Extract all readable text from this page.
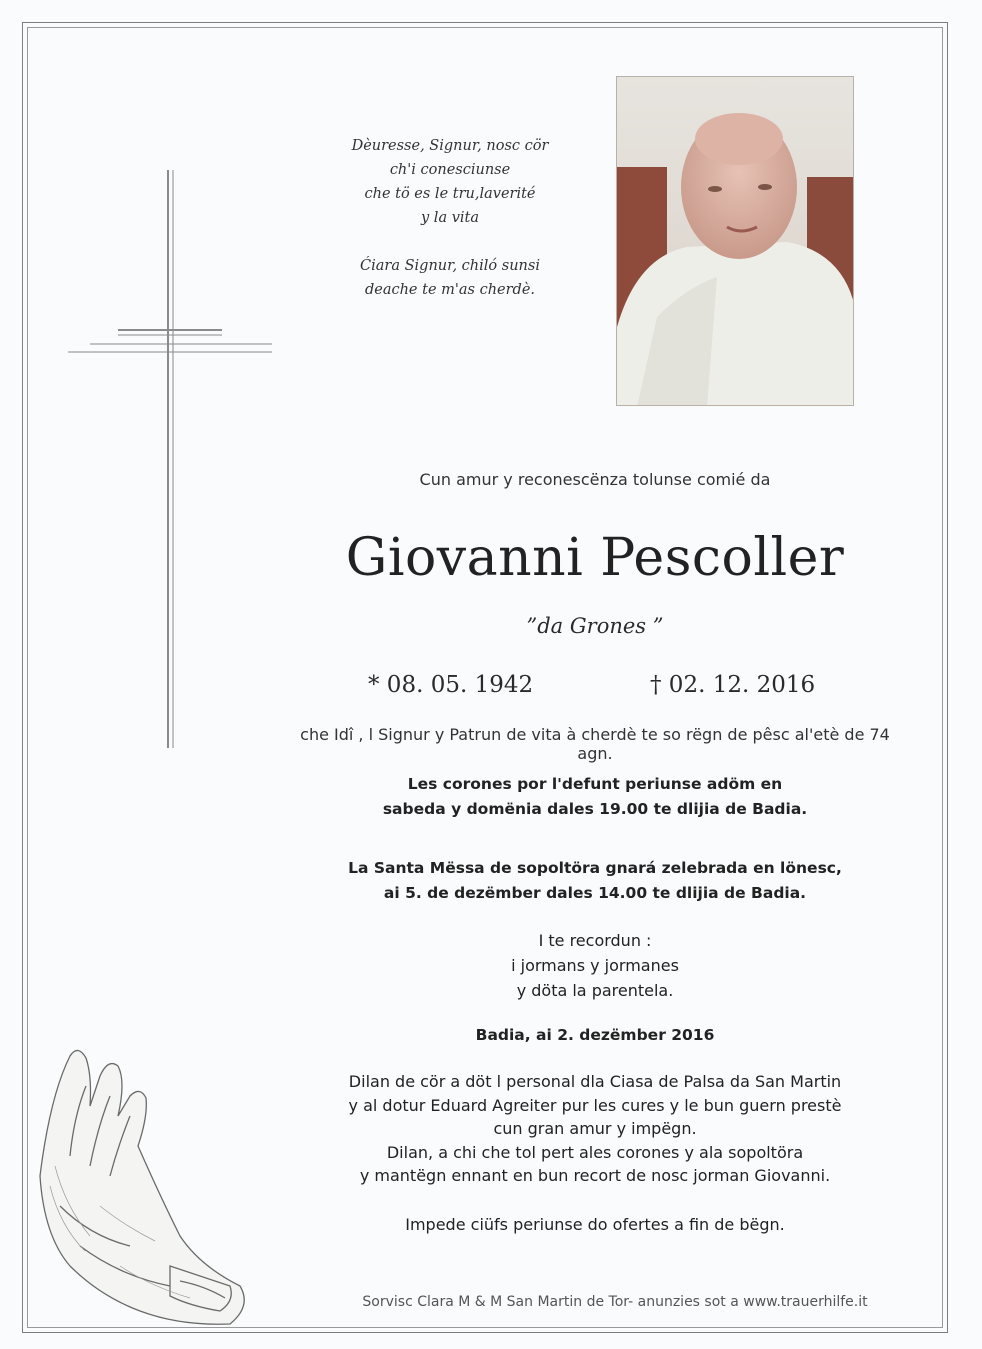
Dèuresse, Signur, nosc cör
ch'i conesciunse
che tö es le tru,laverité
y la vita
Ćiara Signur, chiló sunsi
deache te m'as cherdè.
Cun amur y reconescënza tolunse comié da
Giovanni Pescoller
”da Grones ”
* 08. 05. 1942	† 02. 12. 2016
che Idî , l Signur y Patrun de vita à cherdè te so rëgn de pêsc al'etè de 74 agn.
Les corones por l'defunt periunse adöm en
sabeda y domënia dales 19.00 te dlijia de Badia.
La Santa Mëssa de sopoltöra gnará zelebrada en lönesc,
ai 5. de dezëmber dales 14.00 te dlijia de Badia.
I te recordun :
i jormans y jormanes
y döta la parentela.
Badia, ai 2. dezëmber 2016
Dilan de cör a döt l personal dla Ciasa de Palsa da San Martin
y al dotur Eduard Agreiter pur les cures y le bun guern prestè
cun gran amur y impëgn.
Dilan, a chi che tol pert ales corones y ala sopoltöra
y mantëgn ennant en bun recort de nosc jorman Giovanni.
Impede ciüfs periunse do ofertes a fin de bëgn.
Sorvisc Clara M & M San Martin de Tor- anunzies sot a www.trauerhilfe.it
